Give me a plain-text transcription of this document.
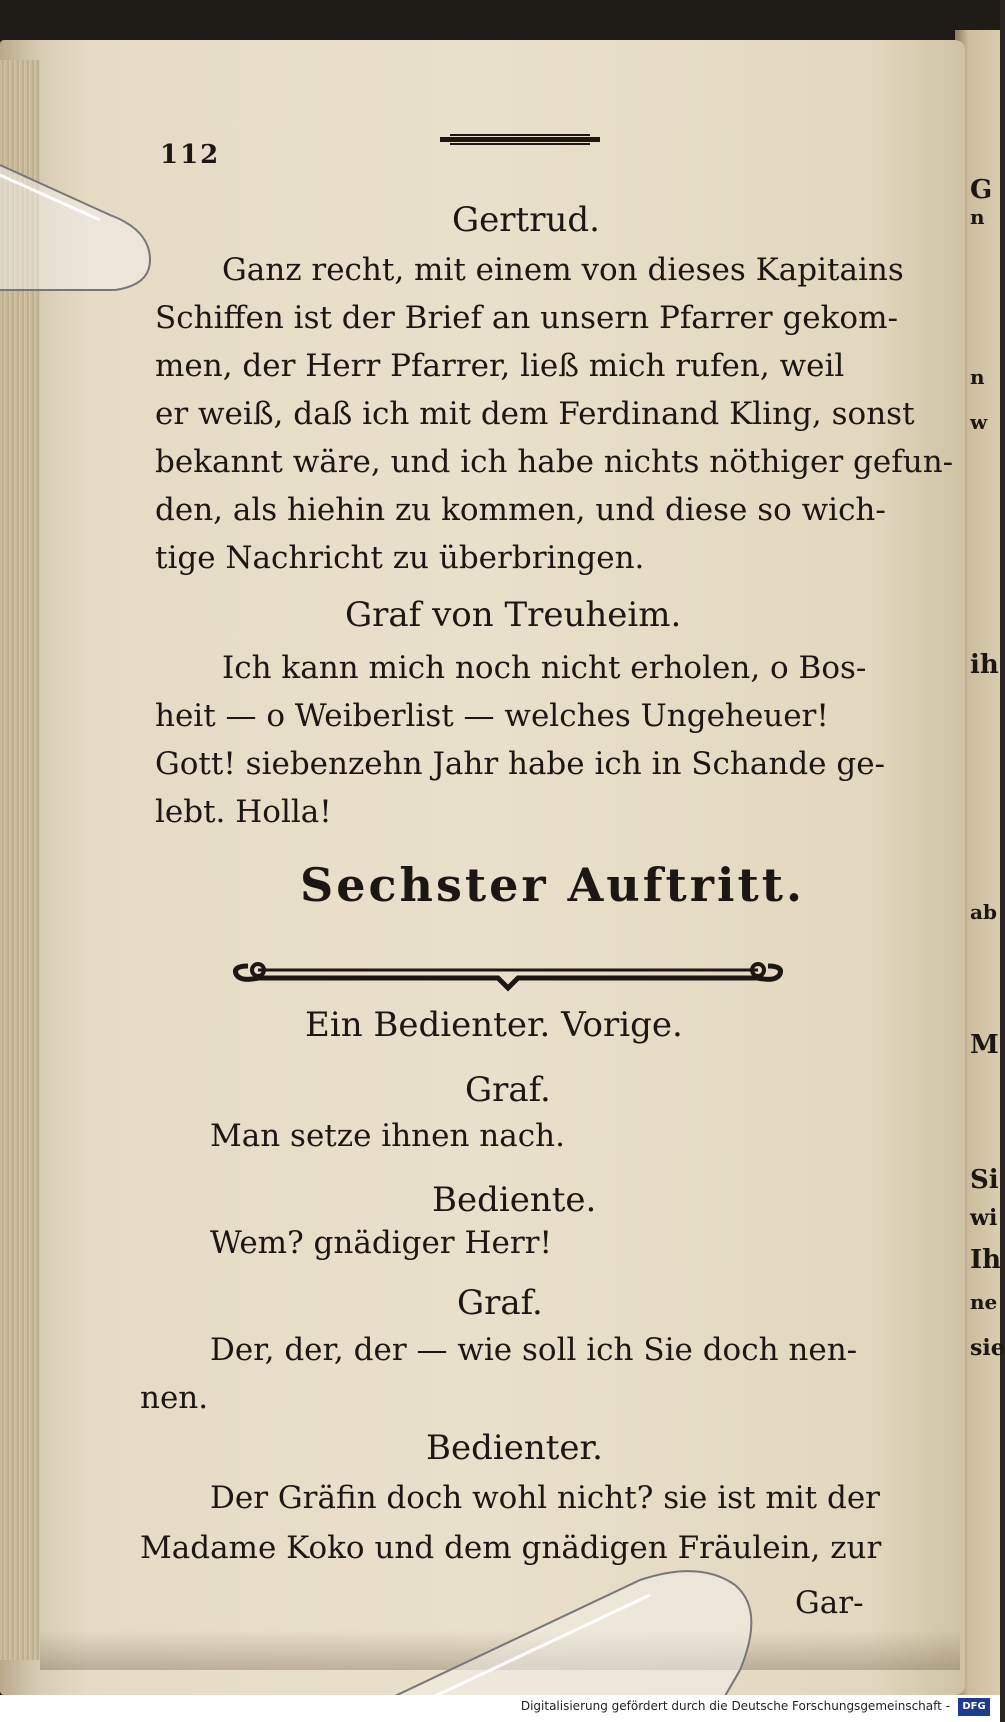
G
n
n
w
ih
ab
M
Si
wi
Ih
ne
sie
112
Gertrud.
Ganz recht, mit einem von dieses Kapitains
Schiffen ist der Brief an unsern Pfarrer gekom-
men, der Herr Pfarrer, ließ mich rufen, weil
er weiß, daß ich mit dem Ferdinand Kling, sonst
bekannt wäre, und ich habe nichts nöthiger gefun-
den, als hiehin zu kommen, und diese so wich-
tige Nachricht zu überbringen.
Graf von Treuheim.
Ich kann mich noch nicht erholen, o Bos-
heit — o Weiberlist — welches Ungeheuer!
Gott! siebenzehn Jahr habe ich in Schande ge-
lebt. Holla!
Sechster Auftritt.
Ein Bedienter. Vorige.
Graf.
Man setze ihnen nach.
Bediente.
Wem? gnädiger Herr!
Graf.
Der, der, der — wie soll ich Sie doch nen-
nen.
Bedienter.
Der Gräfin doch wohl nicht? sie ist mit der
Madame Koko und dem gnädigen Fräulein, zur
Gar-
Digitalisierung gefördert durch die Deutsche Forschungsgemeinschaft -	DFG
